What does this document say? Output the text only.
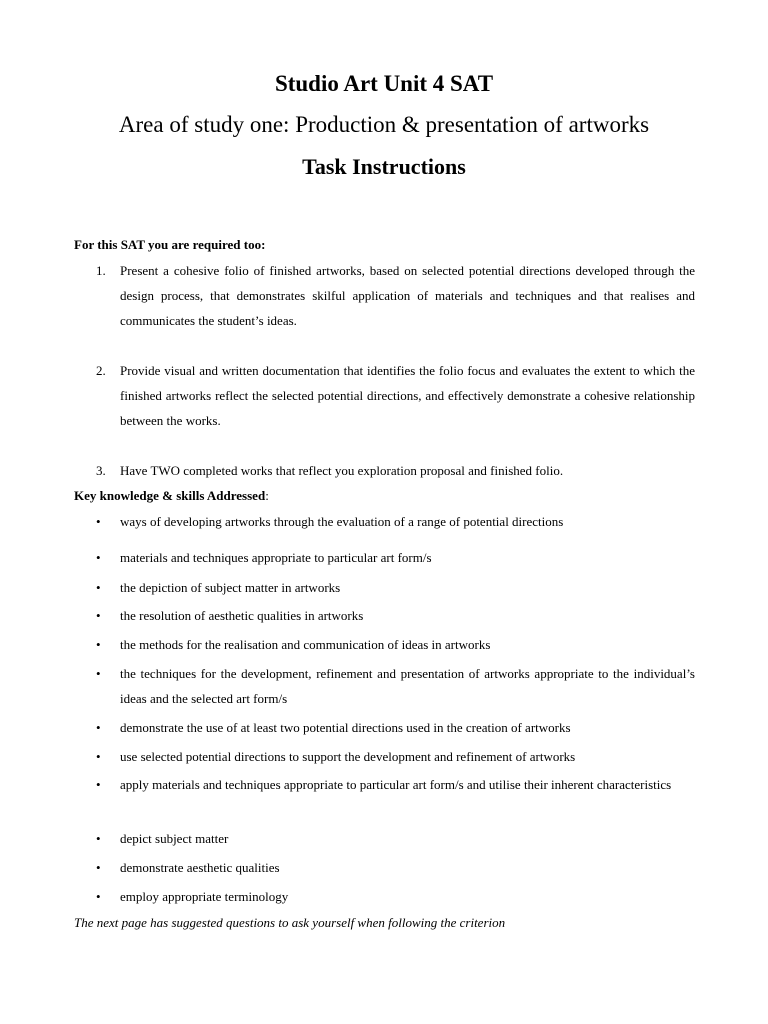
Studio Art Unit 4 SAT
Area of study one: Production & presentation of artworks
Task Instructions
For this SAT you are required too:
1. Present a cohesive folio of finished artworks, based on selected potential directions developed through the design process, that demonstrates skilful application of materials and techniques and that realises and communicates the student’s ideas.
2. Provide visual and written documentation that identifies the folio focus and evaluates the extent to which the finished artworks reflect the selected potential directions, and effectively demonstrate a cohesive relationship between the works.
3. Have TWO completed works that reflect you exploration proposal and finished folio.
Key knowledge & skills Addressed:
• ways of developing artworks through the evaluation of a range of potential directions
• materials and techniques appropriate to particular art form/s
• the depiction of subject matter in artworks
• the resolution of aesthetic qualities in artworks
• the methods for the realisation and communication of ideas in artworks
• the techniques for the development, refinement and presentation of artworks appropriate to the individual’s ideas and the selected art form/s
• demonstrate the use of at least two potential directions used in the creation of artworks
• use selected potential directions to support the development and refinement of artworks
• apply materials and techniques appropriate to particular art form/s and utilise their inherent characteristics
• depict subject matter
• demonstrate aesthetic qualities
• employ appropriate terminology
The next page has suggested questions to ask yourself when following the criterion
